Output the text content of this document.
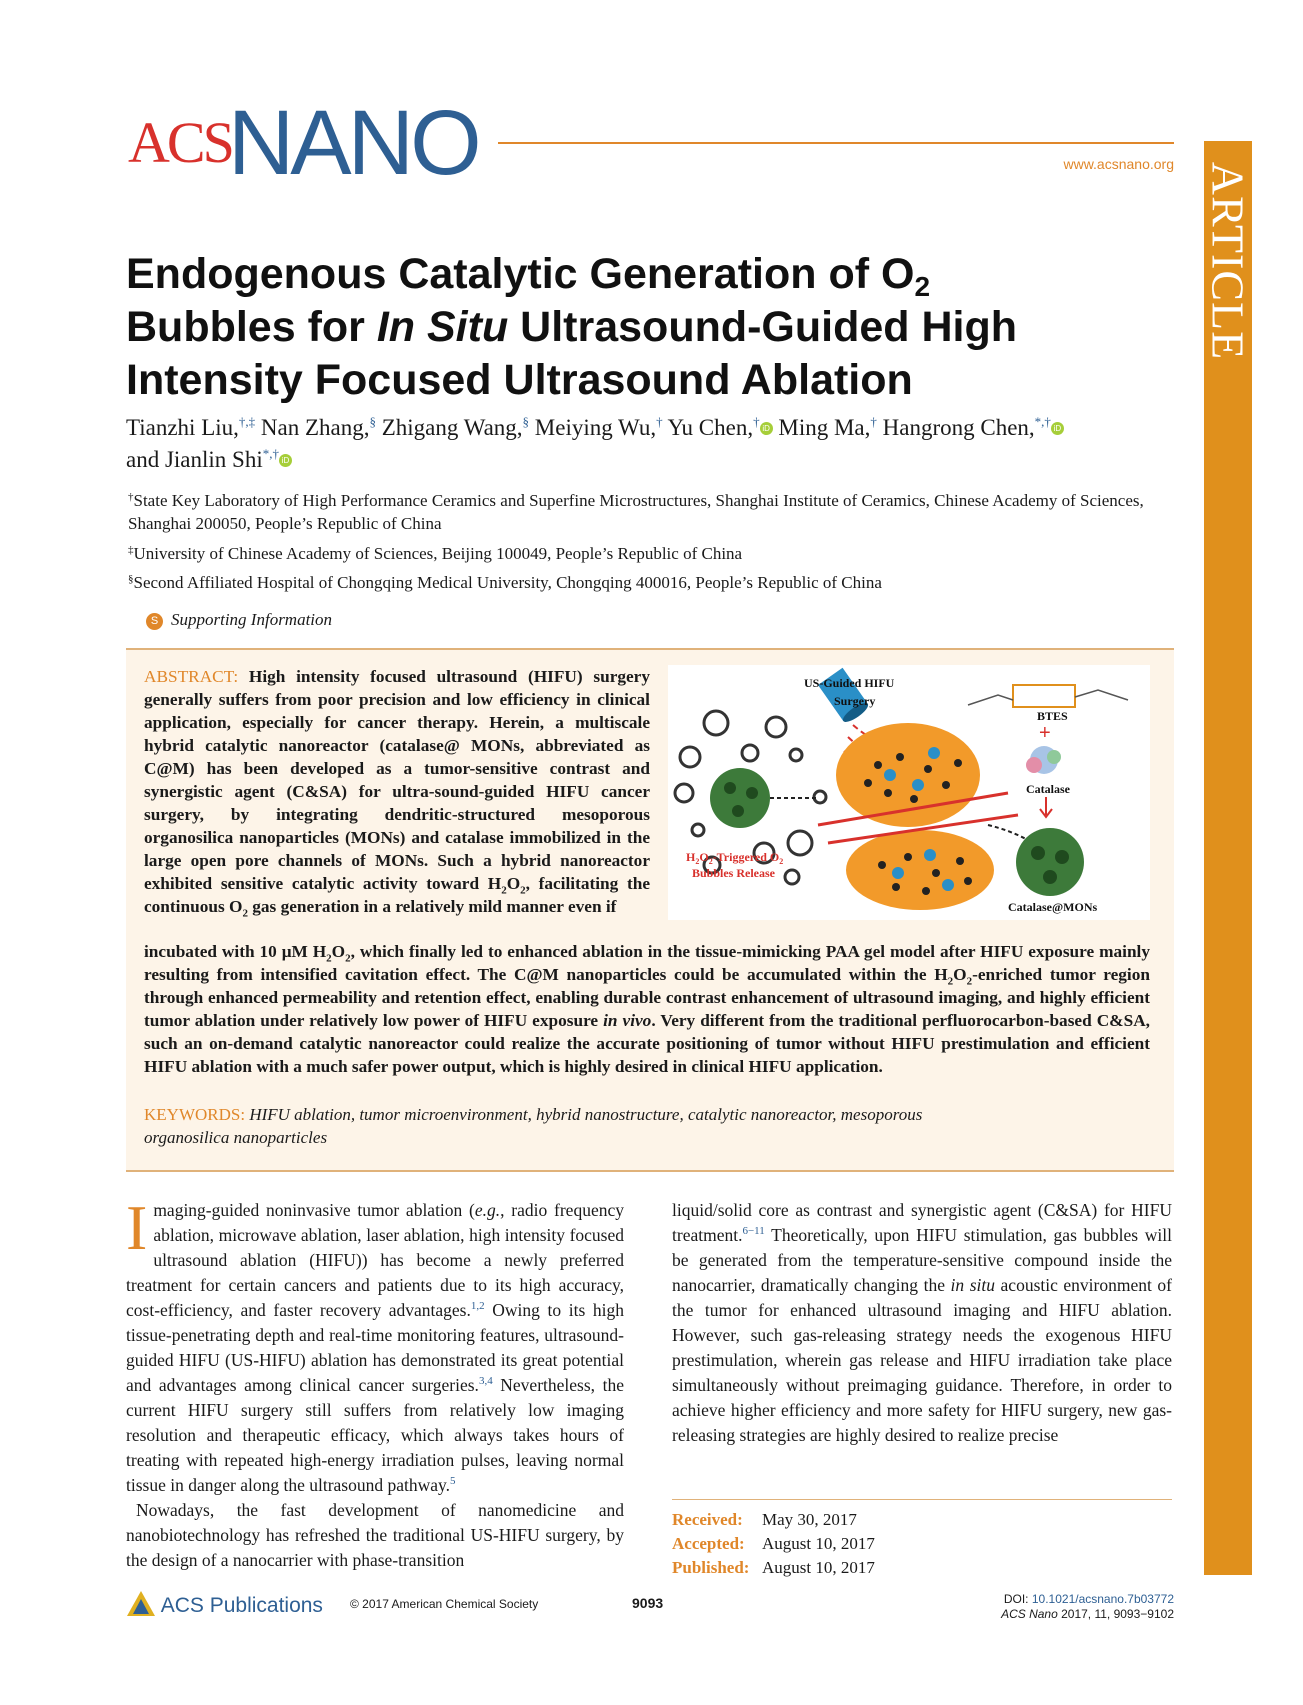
ACSNANO	www.acsnano.org ARTICLE
Endogenous Catalytic Generation of $O_2$
Bubbles for In Situ Ultrasound-Guided High
Intensity Focused Ultrasound Ablation
Tianzhi Liu,†,‡ Nan Zhang,§ Zhigang Wang,§ Meiying Wu,† Yu Chen,† iD Ming Ma,† Hangrong Chen,*,† iD
and Jianlin Shi*,† iD
†State Key Laboratory of High Performance Ceramics and Superfine Microstructures, Shanghai Institute of Ceramics, Chinese Academy of Sciences, Shanghai 200050, People’s Republic of China
‡University of Chinese Academy of Sciences, Beijing 100049, People’s Republic of China
§Second Affiliated Hospital of Chongqing Medical University, Chongqing 400016, People’s Republic of China
S Supporting Information
ABSTRACT: High intensity focused ultrasound (HIFU) surgery generally suffers from poor precision and low efficiency in clinical application, especially for cancer therapy. Herein, a multiscale hybrid catalytic nanoreactor (catalase@ MONs, abbreviated as C@M) has been developed as a tumor-sensitive contrast and synergistic agent (C&SA) for ultra-sound-guided HIFU cancer surgery, by integrating dendritic-structured mesoporous organosilica nanoparticles (MONs) and catalase immobilized in the large open pore channels of MONs. Such a hybrid nanoreactor exhibited sensitive catalytic activity toward $H_2O_2$, facilitating the continuous $O_2$ gas generation in a relatively mild manner even if
incubated with 10 μM $H_2O_2$, which finally led to enhanced ablation in the tissue-mimicking PAA gel model after HIFU exposure mainly resulting from intensified cavitation effect. The C@M nanoparticles could be accumulated within the $H_2O_2$-enriched tumor region through enhanced permeability and retention effect, enabling durable contrast enhancement of ultrasound imaging, and highly efficient tumor ablation under relatively low power of HIFU exposure in vivo. Very different from the traditional perfluorocarbon-based C&SA, such an on-demand catalytic nanoreactor could realize the accurate positioning of tumor without HIFU prestimulation and efficient HIFU ablation with a much safer power output, which is highly desired in clinical HIFU application.
BTES
+
Catalase
US-Guided HIFU
Surgery
$H_2O_2$-Triggered $O_2$
Bubbles Release
Catalase@MONs
KEYWORDS: HIFU ablation, tumor microenvironment, hybrid nanostructure, catalytic nanoreactor, mesoporous organosilica nanoparticles
Imaging-guided noninvasive tumor ablation (e.g., radio frequency ablation, microwave ablation, laser ablation, high intensity focused ultrasound ablation (HIFU)) has become a newly preferred treatment for certain cancers and patients due to its high accuracy, cost-efficiency, and faster recovery advantages.$^{1,2}$ Owing to its high tissue-penetrating depth and real-time monitoring features, ultrasound-guided HIFU (US-HIFU) ablation has demonstrated its great potential and advantages among clinical cancer surgeries.$^{3,4}$ Nevertheless, the current HIFU surgery still suffers from relatively low imaging resolution and therapeutic efficacy, which always takes hours of treating with repeated high-energy irradiation pulses, leaving normal tissue in danger along the ultrasound pathway.$^5$
Nowadays, the fast development of nanomedicine and nanobiotechnology has refreshed the traditional US-HIFU surgery, by the design of a nanocarrier with phase-transition
liquid/solid core as contrast and synergistic agent (C&SA) for HIFU treatment.$^{6-11}$ Theoretically, upon HIFU stimulation, gas bubbles will be generated from the temperature-sensitive compound inside the nanocarrier, dramatically changing the in situ acoustic environment of the tumor for enhanced ultrasound imaging and HIFU ablation. However, such gas-releasing strategy needs the exogenous HIFU prestimulation, wherein gas release and HIFU irradiation take place simultaneously without preimaging guidance. Therefore, in order to achieve higher efficiency and more safety for HIFU surgery, new gas-releasing strategies are highly desired to realize precise
Received: May 30, 2017
Accepted: August 10, 2017
Published: August 10, 2017
ACS Publications © 2017 American Chemical Society	9093	DOI: 10.1021/acsnano.7b03772
ACS Nano 2017, 11, 9093−9102
